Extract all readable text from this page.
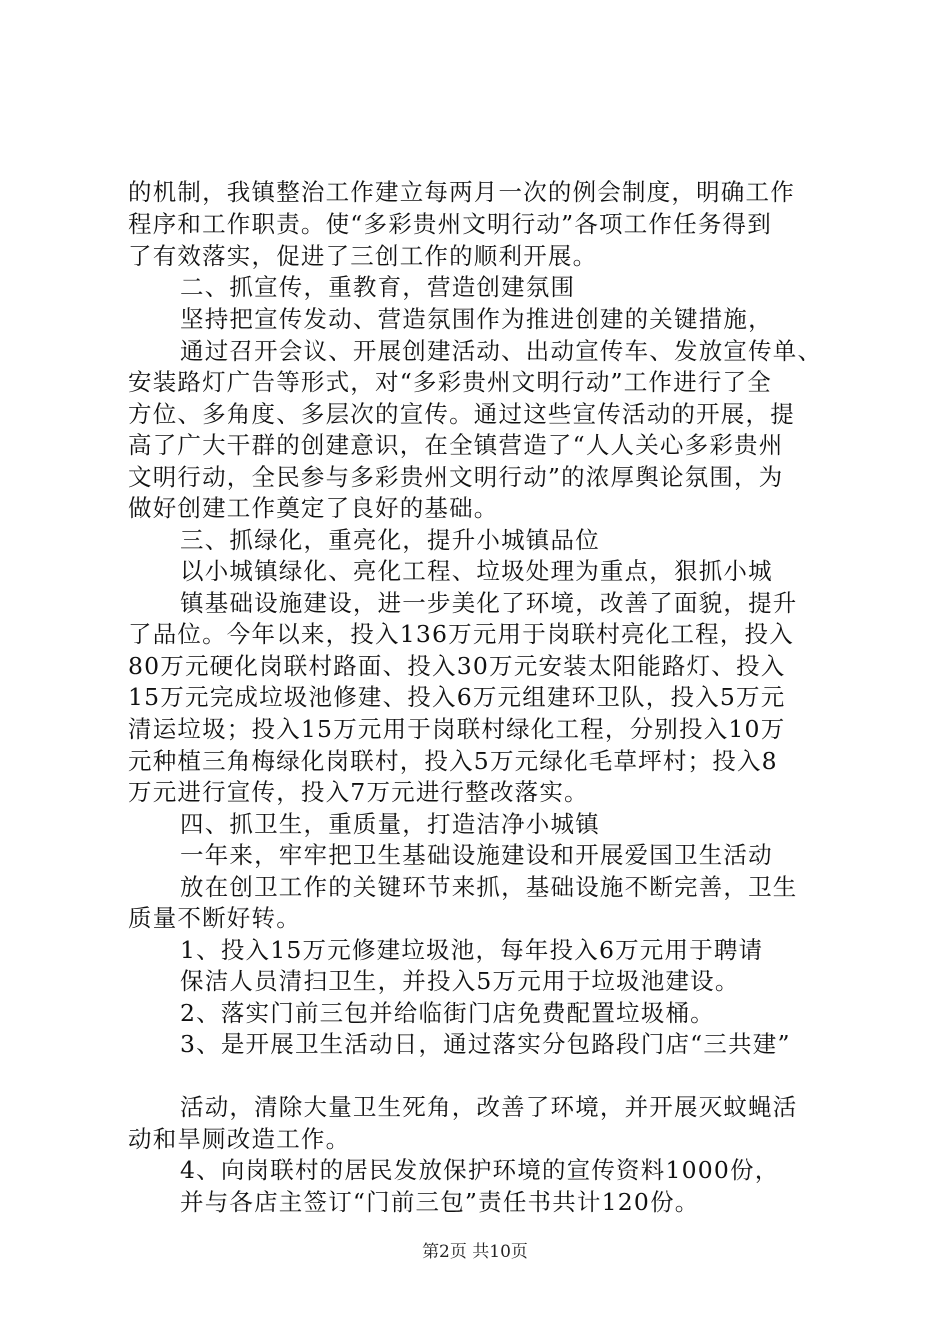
的机制，我镇整治工作建立每两月一次的例会制度，明确工作
程序和工作职责。使“多彩贵州文明行动”各项工作任务得到
了有效落实，促进了三创工作的顺利开展。
二、抓宣传，重教育，营造创建氛围
坚持把宣传发动、营造氛围作为推进创建的关键措施，
通过召开会议、开展创建活动、出动宣传车、发放宣传单、
安装路灯广告等形式，对“多彩贵州文明行动”工作进行了全
方位、多角度、多层次的宣传。通过这些宣传活动的开展，提
高了广大干群的创建意识，在全镇营造了“人人关心多彩贵州
文明行动，全民参与多彩贵州文明行动”的浓厚舆论氛围，为
做好创建工作奠定了良好的基础。
三、抓绿化，重亮化，提升小城镇品位
以小城镇绿化、亮化工程、垃圾处理为重点，狠抓小城
镇基础设施建设，进一步美化了环境，改善了面貌，提升
了品位。今年以来，投入136万元用于岗联村亮化工程，投入
80万元硬化岗联村路面、投入30万元安装太阳能路灯、投入
15万元完成垃圾池修建、投入6万元组建环卫队，投入5万元
清运垃圾；投入15万元用于岗联村绿化工程，分别投入10万
元种植三角梅绿化岗联村，投入5万元绿化毛草坪村；投入8
万元进行宣传，投入7万元进行整改落实。
四、抓卫生，重质量，打造洁净小城镇
一年来，牢牢把卫生基础设施建设和开展爱国卫生活动
放在创卫工作的关键环节来抓，基础设施不断完善，卫生
质量不断好转。
1、投入15万元修建垃圾池，每年投入6万元用于聘请
保洁人员清扫卫生，并投入5万元用于垃圾池建设。
2、落实门前三包并给临街门店免费配置垃圾桶。
3、是开展卫生活动日，通过落实分包路段门店“三共建”
活动，清除大量卫生死角，改善了环境，并开展灭蚊蝇活
动和旱厕改造工作。
4、向岗联村的居民发放保护环境的宣传资料1000份，
并与各店主签订“门前三包”责任书共计120份。
第2页 共10页
